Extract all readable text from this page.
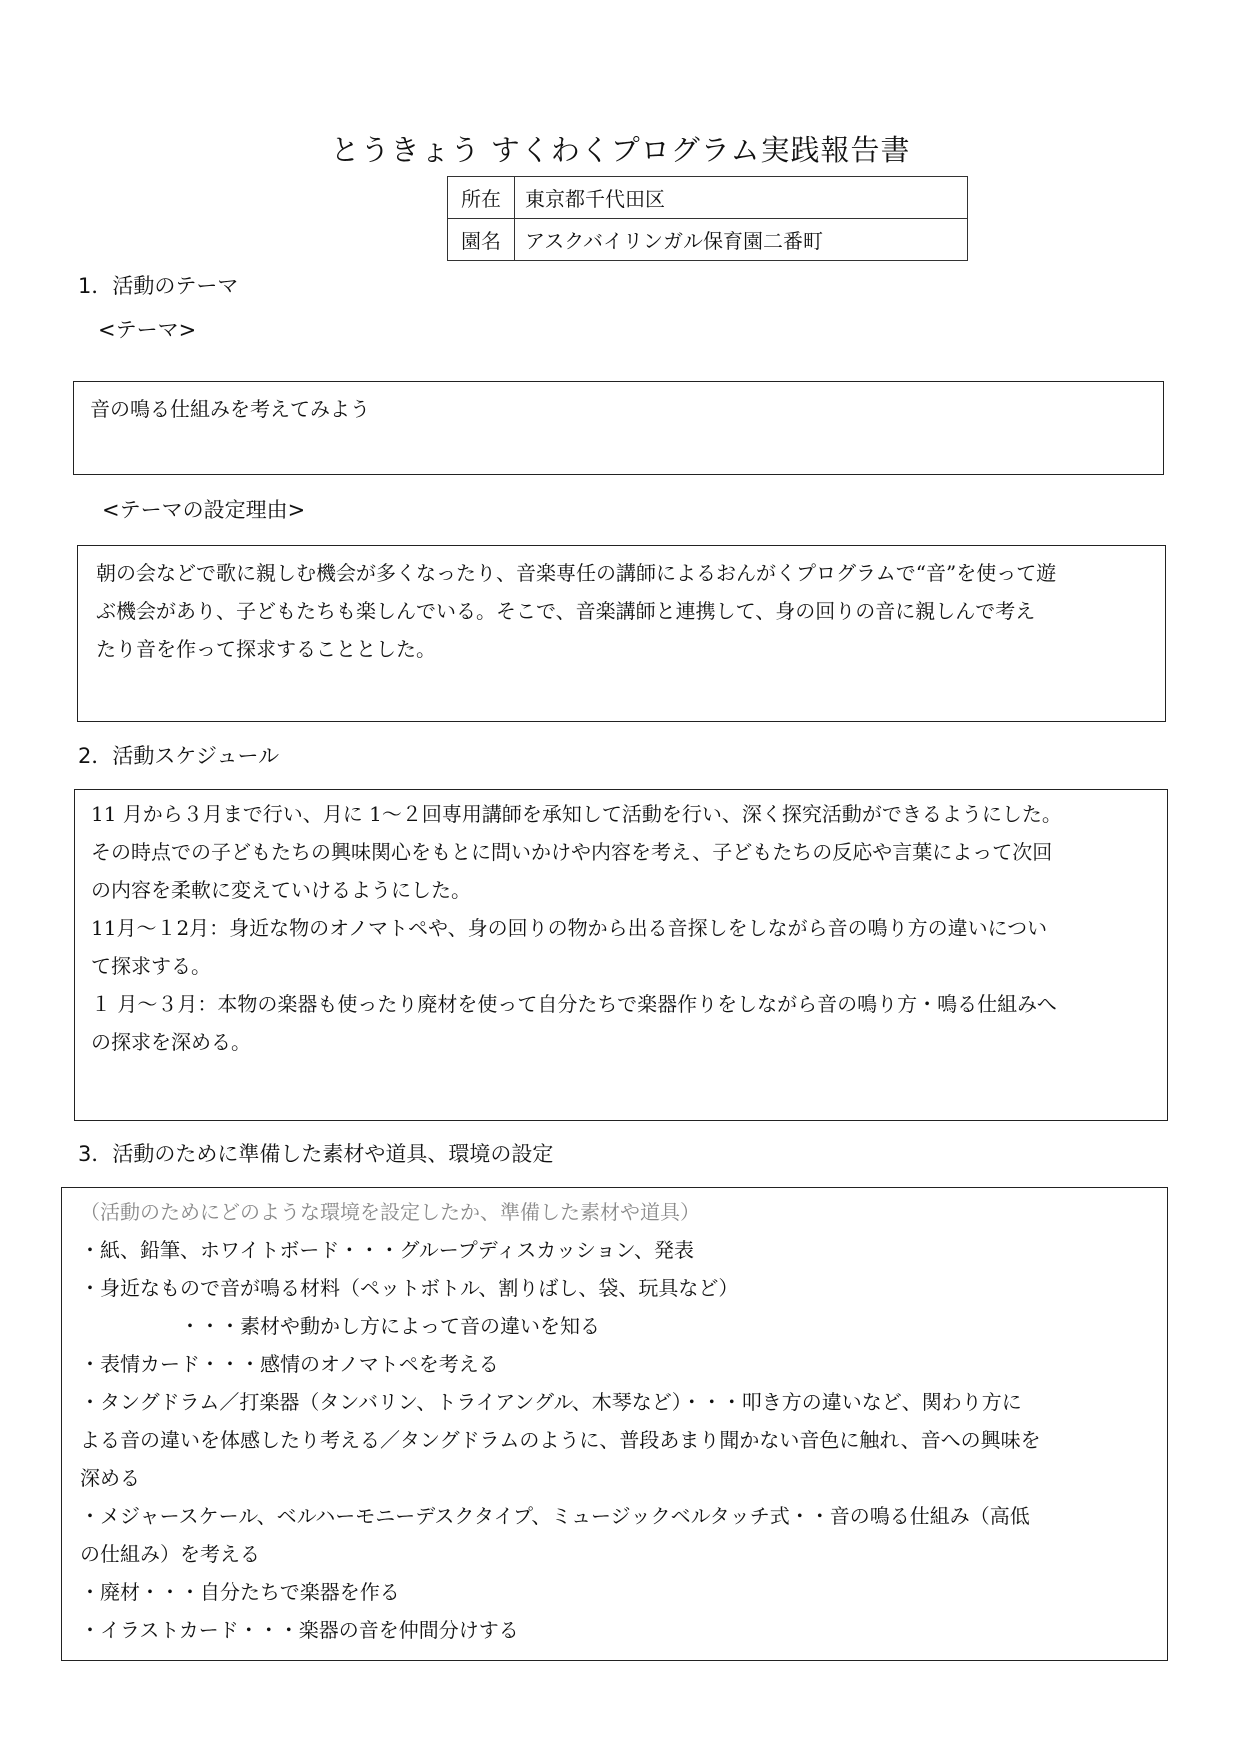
とうきょう すくわくプログラム実践報告書
所在	東京都千代田区
園名	アスクバイリンガル保育園二番町
1．活動のテーマ
<テーマ>
音の鳴る仕組みを考えてみよう
<テーマの設定理由>
朝の会などで歌に親しむ機会が多くなったり、音楽専任の講師によるおんがくプログラムで“音”を使って遊
ぶ機会があり、子どもたちも楽しんでいる。そこで、音楽講師と連携して、身の回りの音に親しんで考え
たり音を作って探求することとした。
2．活動スケジュール
11 月から３月まで行い、月に 1〜２回専用講師を承知して活動を行い、深く探究活動ができるようにした。
その時点での子どもたちの興味関心をもとに問いかけや内容を考え、子どもたちの反応や言葉によって次回
の内容を柔軟に変えていけるようにした。
11月〜１2月：身近な物のオノマトペや、身の回りの物から出る音探しをしながら音の鳴り方の違いについ
て探求する。
１ 月〜３月：本物の楽器も使ったり廃材を使って自分たちで楽器作りをしながら音の鳴り方・鳴る仕組みへ
の探求を深める。
3．活動のために準備した素材や道具、環境の設定
（活動のためにどのような環境を設定したか、準備した素材や道具）
・紙、鉛筆、ホワイトボード・・・グループディスカッション、発表
・身近なもので音が鳴る材料（ペットボトル、割りばし、袋、玩具など）
　　　　　・・・素材や動かし方によって音の違いを知る
・表情カード・・・感情のオノマトペを考える
・タングドラム／打楽器（タンバリン、トライアングル、木琴など）・・・叩き方の違いなど、関わり方に
よる音の違いを体感したり考える／タングドラムのように、普段あまり聞かない音色に触れ、音への興味を
深める
・メジャースケール、ベルハーモニーデスクタイプ、ミュージックベルタッチ式・・音の鳴る仕組み（高低
の仕組み）を考える
・廃材・・・自分たちで楽器を作る
・イラストカード・・・楽器の音を仲間分けする
